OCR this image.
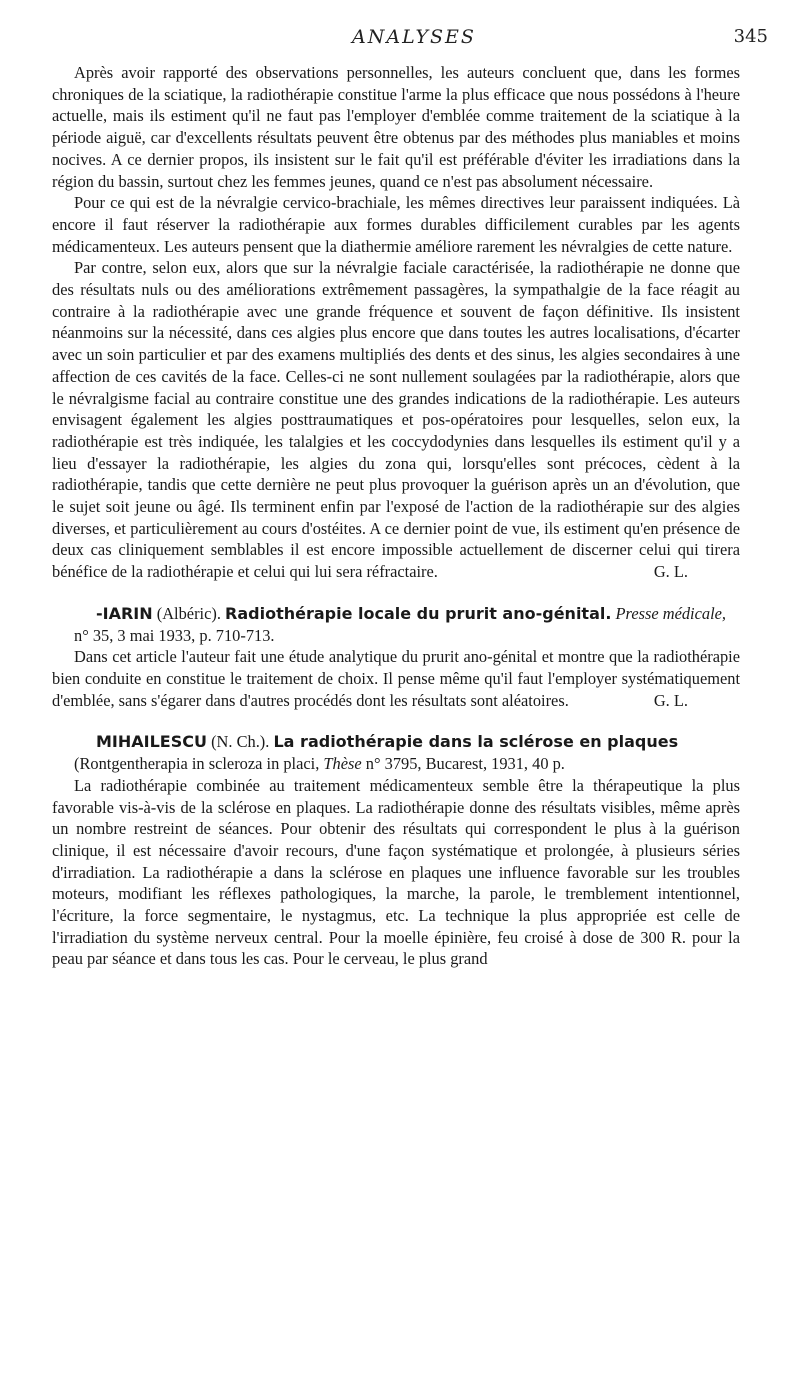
ANALYSES	345

Après avoir rapporté des observations personnelles, les auteurs concluent que, dans les formes chroniques de la sciatique, la radiothérapie constitue l'arme la plus efficace que nous possédons à l'heure actuelle, mais ils estiment qu'il ne faut pas l'employer d'emblée comme traitement de la sciatique à la période aiguë, car d'excellents résultats peuvent être obtenus par des méthodes plus maniables et moins nocives. A ce dernier propos, ils insistent sur le fait qu'il est préférable d'éviter les irradiations dans la région du bassin, surtout chez les femmes jeunes, quand ce n'est pas absolument nécessaire.

Pour ce qui est de la névralgie cervico-brachiale, les mêmes directives leur paraissent indiquées. Là encore il faut réserver la radiothérapie aux formes durables difficilement curables par les agents médicamenteux. Les auteurs pensent que la diathermie améliore rarement les névralgies de cette nature.

Par contre, selon eux, alors que sur la névralgie faciale caractérisée, la radiothérapie ne donne que des résultats nuls ou des améliorations extrêmement passagères, la sympathalgie de la face réagit au contraire à la radiothérapie avec une grande fréquence et souvent de façon définitive. Ils insistent néanmoins sur la nécessité, dans ces algies plus encore que dans toutes les autres localisations, d'écarter avec un soin particulier et par des examens multipliés des dents et des sinus, les algies secondaires à une affection de ces cavités de la face. Celles-ci ne sont nullement soulagées par la radiothérapie, alors que le névralgisme facial au contraire constitue une des grandes indications de la radiothérapie. Les auteurs envisagent également les algies posttraumatiques et pos-opératoires pour lesquelles, selon eux, la radiothérapie est très indiquée, les talalgies et les coccydodynies dans lesquelles ils estiment qu'il y a lieu d'essayer la radiothérapie, les algies du zona qui, lorsqu'elles sont précoces, cèdent à la radiothérapie, tandis que cette dernière ne peut plus provoquer la guérison après un an d'évolution, que le sujet soit jeune ou âgé. Ils terminent enfin par l'exposé de l'action de la radiothérapie sur des algies diverses, et particulièrement au cours d'ostéites. A ce dernier point de vue, ils estiment qu'en présence de deux cas cliniquement semblables il est encore impossible actuellement de discerner celui qui tirera bénéfice de la radiothérapie et celui qui lui sera réfractaire.	G. L.

-IARIN (Albéric). Radiothérapie locale du prurit ano-génital. Presse médicale, n° 35, 3 mai 1933, p. 710-713.

Dans cet article l'auteur fait une étude analytique du prurit ano-génital et montre que la radiothérapie bien conduite en constitue le traitement de choix. Il pense même qu'il faut l'employer systématiquement d'emblée, sans s'égarer dans d'autres procédés dont les résultats sont aléatoires.	G. L.

MIHAILESCU (N. Ch.). La radiothérapie dans la sclérose en plaques (Rontgentherapia in scleroza in placi, Thèse n° 3795, Bucarest, 1931, 40 p.

La radiothérapie combinée au traitement médicamenteux semble être la thérapeutique la plus favorable vis-à-vis de la sclérose en plaques. La radiothérapie donne des résultats visibles, même après un nombre restreint de séances. Pour obtenir des résultats qui correspondent le plus à la guérison clinique, il est nécessaire d'avoir recours, d'une façon systématique et prolongée, à plusieurs séries d'irradiation. La radiothérapie a dans la sclérose en plaques une influence favorable sur les troubles moteurs, modifiant les réflexes pathologiques, la marche, la parole, le tremblement intentionnel, l'écriture, la force segmentaire, le nystagmus, etc. La technique la plus appropriée est celle de l'irradiation du système nerveux central. Pour la moelle épinière, feu croisé à dose de 300 R. pour la peau par séance et dans tous les cas. Pour le cerveau, le plus grand
